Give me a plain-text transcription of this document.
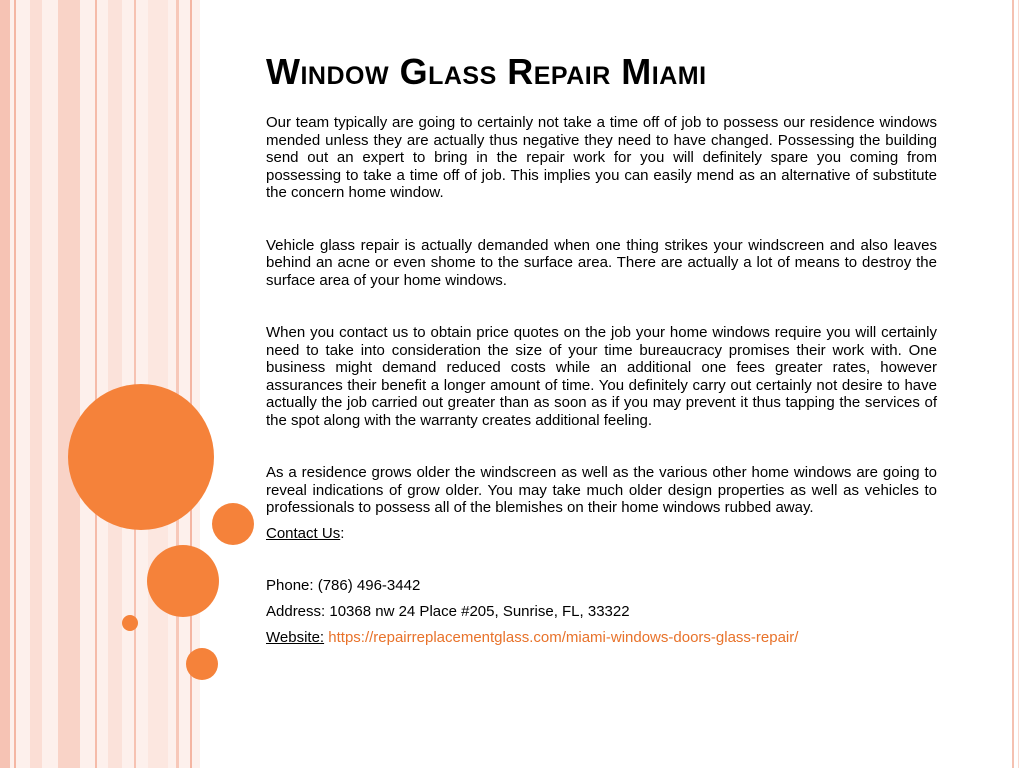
Window Glass Repair Miami

Our team typically are going to certainly not take a time off of job to possess our residence windows mended unless they are actually thus negative they need to have changed. Possessing the building send out an expert to bring in the repair work for you will definitely spare you coming from possessing to take a time off of job. This implies you can easily mend as an alternative of substitute the concern home window.

Vehicle glass repair is actually demanded when one thing strikes your windscreen and also leaves behind an acne or even shome to the surface area. There are actually a lot of means to destroy the surface area of your home windows.

When you contact us to obtain price quotes on the job your home windows require you will certainly need to take into consideration the size of your time bureaucracy promises their work with. One business might demand reduced costs while an additional one fees greater rates, however assurances their benefit a longer amount of time. You definitely carry out certainly not desire to have actually the job carried out greater than as soon as if you may prevent it thus tapping the services of the spot along with the warranty creates additional feeling.

As a residence grows older the windscreen as well as the various other home windows are going to reveal indications of grow older. You may take much older design properties as well as vehicles to professionals to possess all of the blemishes on their home windows rubbed away.

Contact Us:

Phone: (786) 496-3442

Address: 10368 nw 24 Place #205, Sunrise, FL, 33322

Website: https://repairreplacementglass.com/miami-windows-doors-glass-repair/
